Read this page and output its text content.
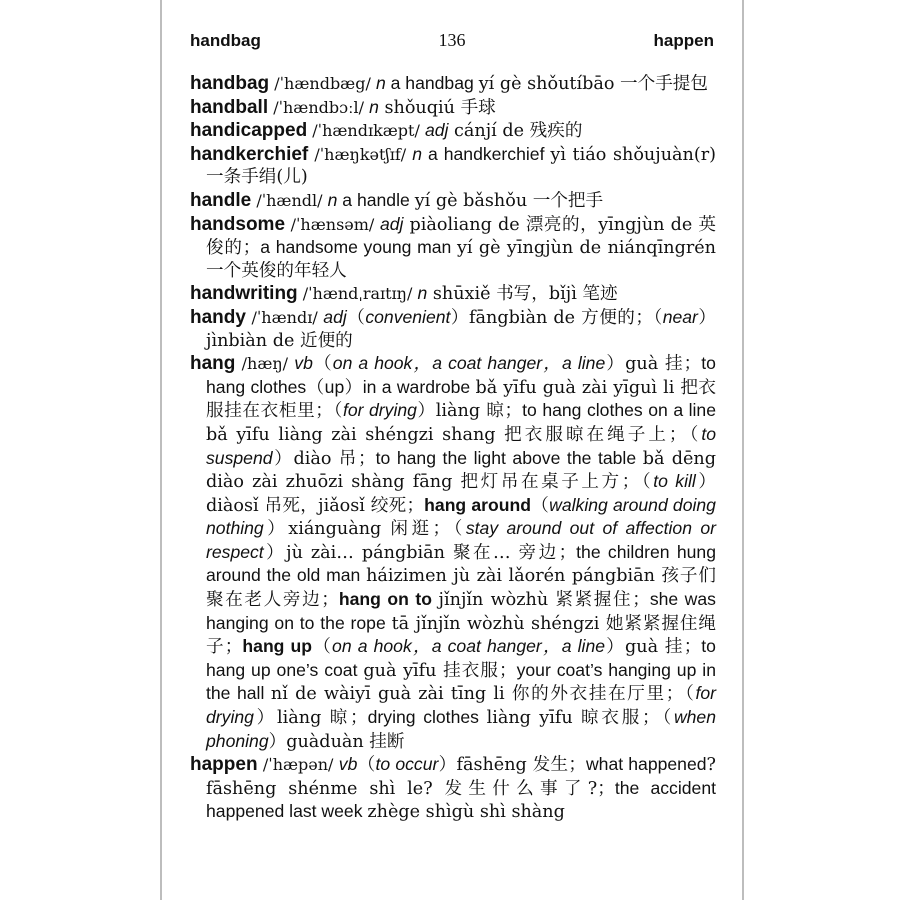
handbag	136	happen

handbag /ˈhændbæg/ n a handbag yí gè shǒutíbāo 一个手提包

handball /ˈhændbɔːl/ n shǒuqiú 手球

handicapped /ˈhændɪkæpt/ adj cánjí de 残疾的

handkerchief /ˈhæŋkətʃɪf/ n a handkerchief yì tiáo shǒujuàn(r) 一条手绢(儿)

handle /ˈhændl/ n a handle yí gè bǎshǒu 一个把手

handsome /ˈhænsəm/ adj piàoliang de 漂亮的，yīngjùn de 英俊的；a handsome young man yí gè yīngjùn de niánqīngrén 一个英俊的年轻人

handwriting /ˈhændˌraɪtɪŋ/ n shūxiě 书写，bǐjì 笔迹

handy /ˈhændɪ/ adj（convenient）fāngbiàn de 方便的；（near）jìnbiàn de 近便的

hang /hæŋ/ vb（on a hook，a coat hanger，a line）guà 挂；to hang clothes（up）in a wardrobe bǎ yīfu guà zài yīguì li 把衣服挂在衣柜里；（for drying）liàng 晾；to hang clothes on a line bǎ yīfu liàng zài shéngzi shang 把衣服晾在绳子上；（to suspend）diào 吊；to hang the light above the table bǎ dēng diào zài zhuōzi shàng fāng 把灯吊在桌子上方；（to kill）diàosǐ 吊死，jiǎosǐ 绞死；hang around（walking around doing nothing）xiánguàng 闲逛；（stay around out of affection or respect）jù zài… pángbiān 聚在… 旁边；the children hung around the old man háizimen jù zài lǎorén pángbiān 孩子们聚在老人旁边；hang on to jǐnjǐn wòzhù 紧紧握住；she was hanging on to the rope tā jǐnjǐn wòzhù shéngzi 她紧紧握住绳子；hang up（on a hook，a coat hanger，a line）guà 挂；to hang up one’s coat guà yīfu 挂衣服；your coat’s hanging up in the hall nǐ de wàiyī guà zài tīng li 你的外衣挂在厅里；（for drying）liàng 晾；drying clothes liàng yīfu 晾衣服；（when phoning）guàduàn 挂断

happen /ˈhæpən/ vb（to occur）fāshēng 发生；what happened? fāshēng shénme shì le? 发生什么事了?；the accident happened last week zhège shìgù shì shàng
